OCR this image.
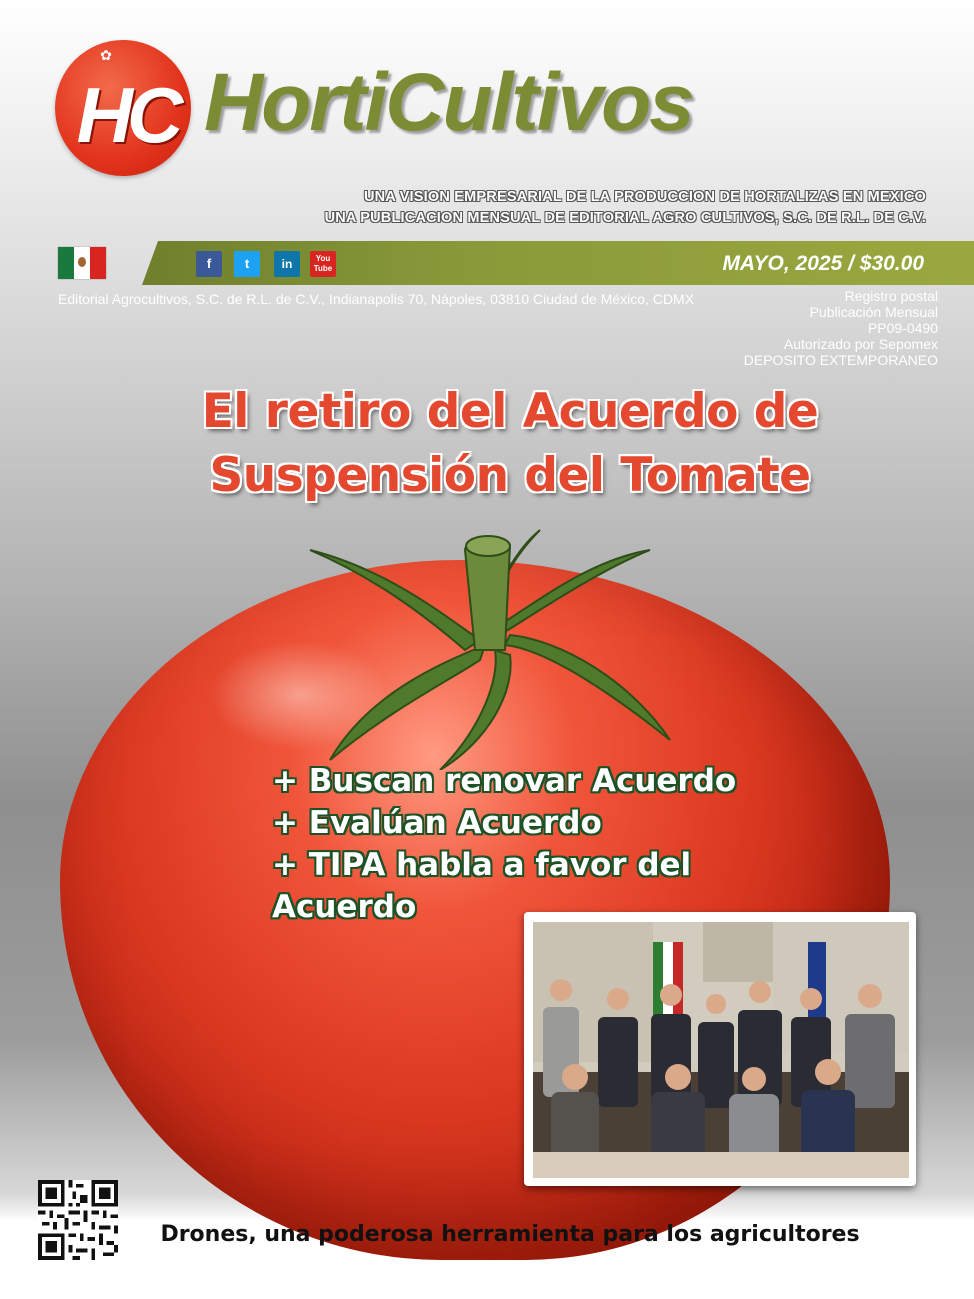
✿
HC HortiCultivos
UNA VISION EMPRESARIAL DE LA PRODUCCION DE HORTALIZAS EN MEXICO
UNA PUBLICACION MENSUAL DE EDITORIAL AGRO CULTIVOS, S.C. DE R.L. DE C.V.
f	t	in	You Tube	MAYO, 2025 / $30.00
Editorial Agrocultivos, S.C. de R.L. de C.V., Indianapolis 70, Nápoles, 03810 Ciudad de México, CDMX	Registro postal
Publicación Mensual
PP09-0490
Autorizado por Sepomex
DEPOSITO EXTEMPORANEO
El retiro del Acuerdo de
Suspensión del Tomate
+ Buscan renovar Acuerdo
+ Evalúan Acuerdo
+ TIPA habla a favor del
Acuerdo
Drones, una poderosa herramienta para los agricultores
